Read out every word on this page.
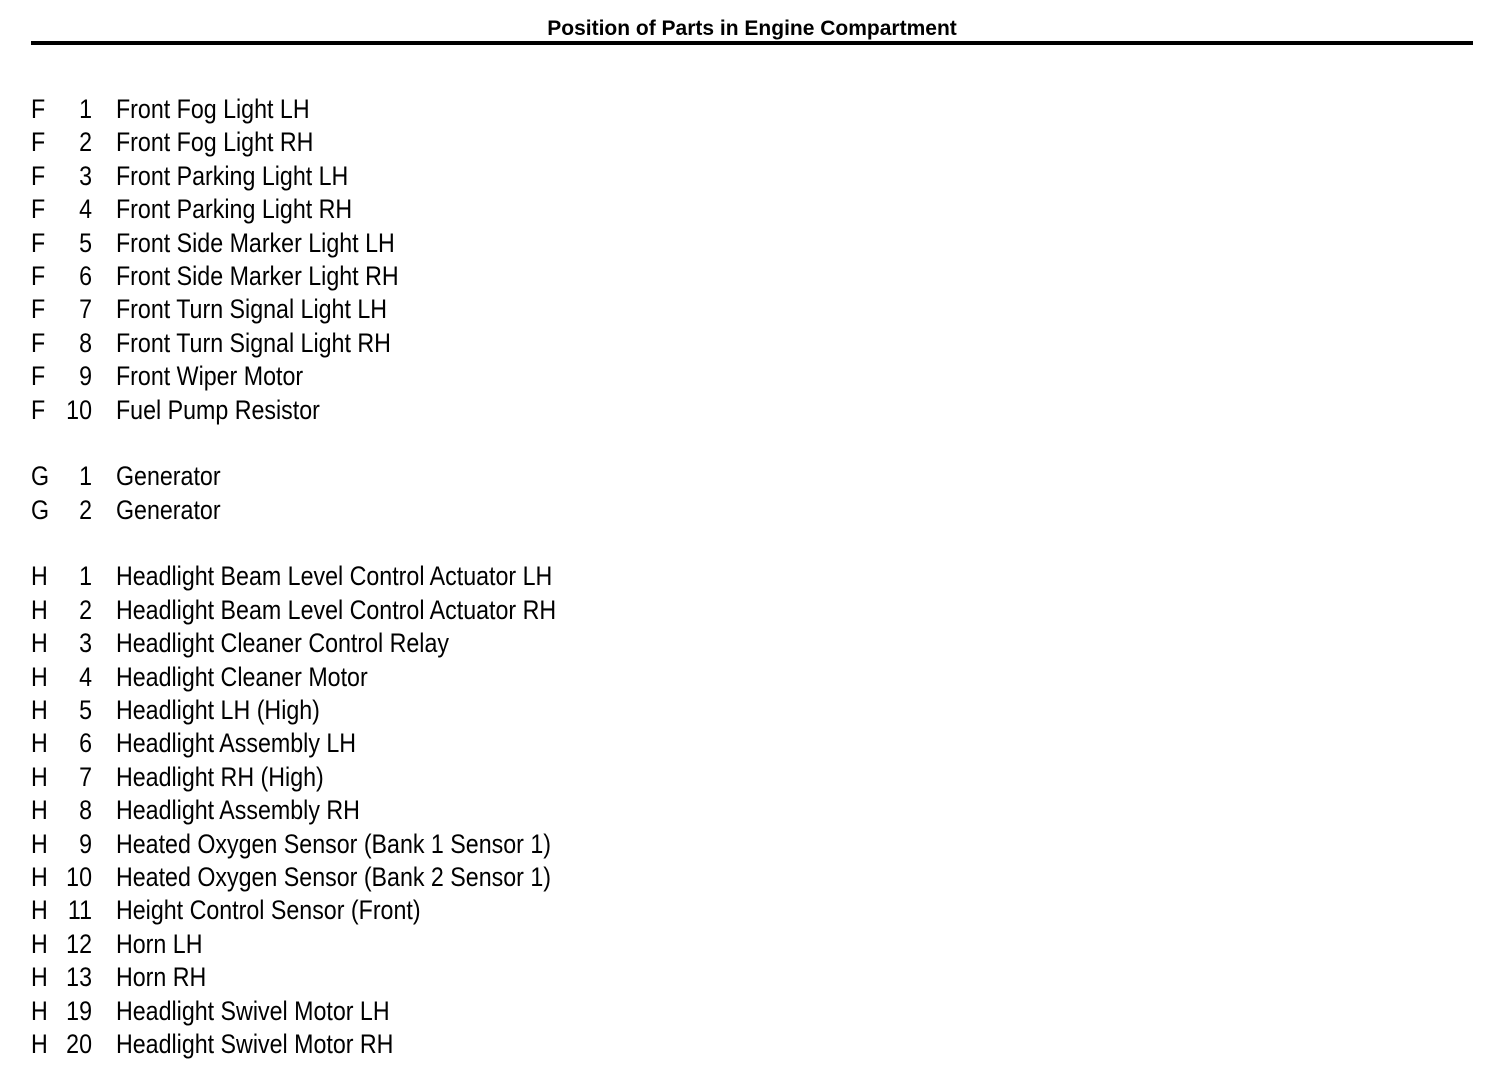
Position of Parts in Engine Compartment
F	1 Front Fog Light LH
F	2 Front Fog Light RH
F	3 Front Parking Light LH
F	4 Front Parking Light RH
F	5 Front Side Marker Light LH
F	6 Front Side Marker Light RH
F	7 Front Turn Signal Light LH
F	8 Front Turn Signal Light RH
F	9 Front Wiper Motor
F 10 Fuel Pump Resistor
G	1 Generator
G	2 Generator
H	1 Headlight Beam Level Control Actuator LH
H	2 Headlight Beam Level Control Actuator RH
H	3 Headlight Cleaner Control Relay
H	4 Headlight Cleaner Motor
H	5 Headlight LH (High)
H	6 Headlight Assembly LH
H	7 Headlight RH (High)
H	8 Headlight Assembly RH
H	9 Heated Oxygen Sensor (Bank 1 Sensor 1)
H 10 Heated Oxygen Sensor (Bank 2 Sensor 1)
H 11 Height Control Sensor (Front)
H 12 Horn LH
H 13 Horn RH
H 19 Headlight Swivel Motor LH
H 20 Headlight Swivel Motor RH
